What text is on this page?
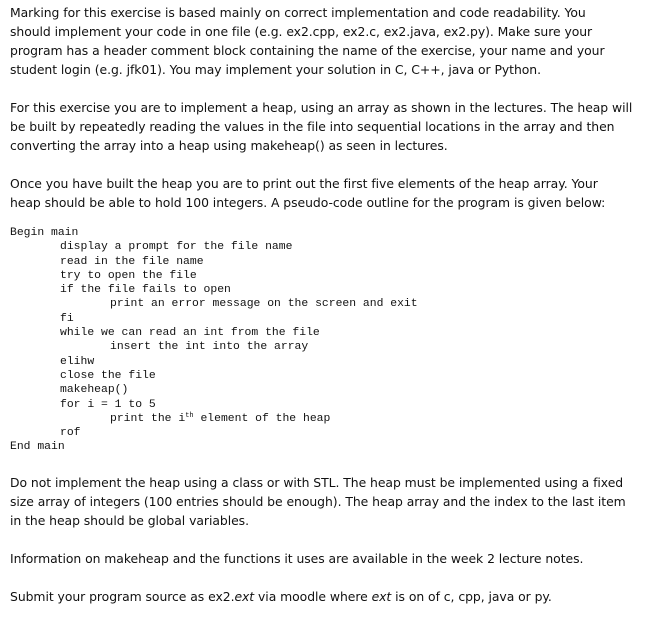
Marking for this exercise is based mainly on correct implementation and code readability. You
should implement your code in one file (e.g. ex2.cpp, ex2.c, ex2.java, ex2.py). Make sure your
program has a header comment block containing the name of the exercise, your name and your
student login (e.g. jfk01). You may implement your solution in C, C++, java or Python.
For this exercise you are to implement a heap, using an array as shown in the lectures. The heap will
be built by repeatedly reading the values in the file into sequential locations in the array and then
converting the array into a heap using makeheap() as seen in lectures.
Once you have built the heap you are to print out the first five elements of the heap array. Your
heap should be able to hold 100 integers. A pseudo-code outline for the program is given below:
Begin main
display a prompt for the file name
read in the file name
try to open the file
if the file fails to open
print an error message on the screen and exit
fi
while we can read an int from the file
insert the int into the array
elihw
close the file
makeheap()
for i = 1 to 5
print the $i^{th}$ element of the heap
rof
End main
Do not implement the heap using a class or with STL. The heap must be implemented using a fixed
size array of integers (100 entries should be enough). The heap array and the index to the last item
in the heap should be global variables.
Information on makeheap and the functions it uses are available in the week 2 lecture notes.
Submit your program source as ex2.ext via moodle where ext is on of c, cpp, java or py.
